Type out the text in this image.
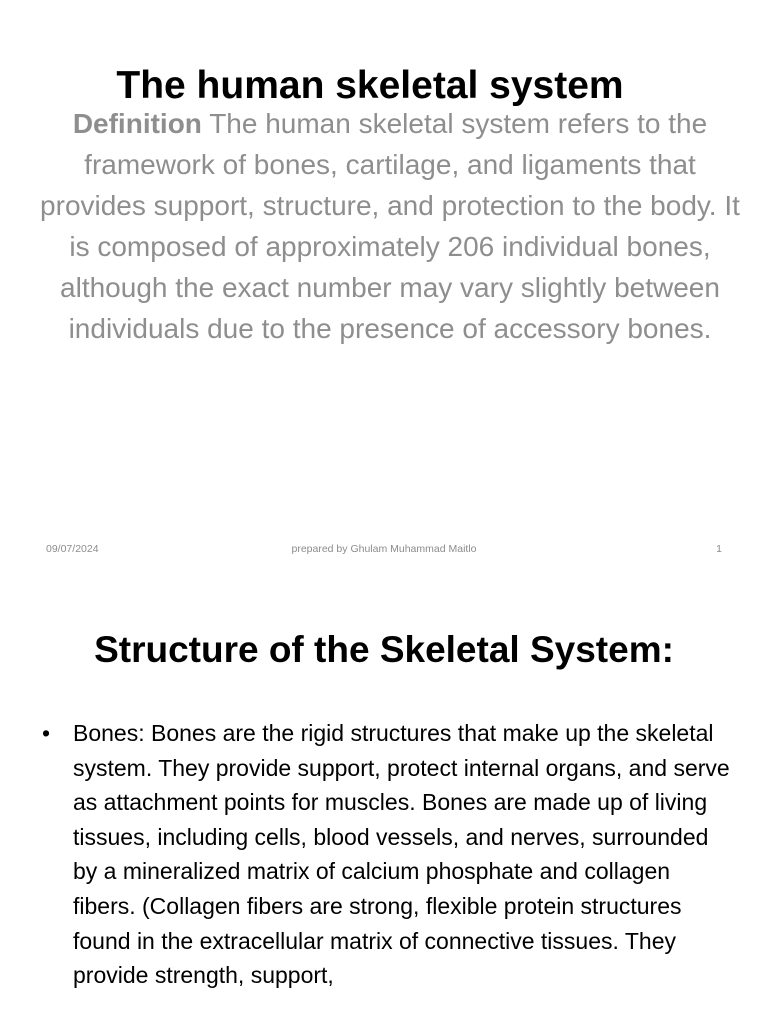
The human skeletal system

Definition The human skeletal system refers to the framework of bones, cartilage, and ligaments that provides support, structure, and protection to the body. It is composed of approximately 206 individual bones, although the exact number may vary slightly between individuals due to the presence of accessory bones.

09/07/2024	prepared by Ghulam Muhammad Maitlo	1
Structure of the Skeletal System:
• Bones: Bones are the rigid structures that make up the skeletal system. They provide support, protect internal organs, and serve as attachment points for muscles. Bones are made up of living tissues, including cells, blood vessels, and nerves, surrounded by a mineralized matrix of calcium phosphate and collagen fibers. (Collagen fibers are strong, flexible protein structures found in the extracellular matrix of connective tissues. They provide strength, support,
